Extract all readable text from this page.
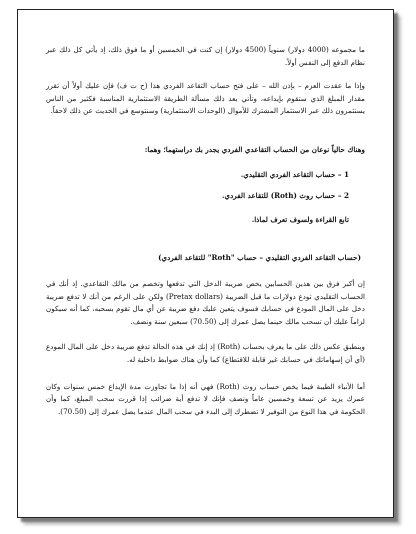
ما مجموعه (4000 دولار) سنوياً (4500 دولار) إن كنت في الخمسين أو ما فوق ذلك، إذ يأتي كل ذلك عبر نظام الدفع إلى النفس أولاً.

وإذا ما عقدت العزم – بإذن الله – على فتح حساب التقاعد الفردي هذا (ح ت ف) فإن عليك أولاً أن تقرر مقدار المبلغ الذي ستقوم بإيداعه، وتأتي بعد ذلك مسألة الطريقة الاستثمارية المناسبة فكثير من الناس يستثمرون ذلك عبر الاستثمار المشترك للأموال (الوحدات الاستثمارية) وسنتوسع في الحديث عن ذلك لاحقاً.

وهناك حالياً نوعان من الحساب التقاعدي الفردي يجدر بك دراستهما؛ وهما:

1 – حساب التقاعد الفردي التقليدي.

2 – حساب روث (Roth) للتقاعد الفردي.

تابع القراءة ولسوف تعرف لماذا.

(حساب التقاعد الفردي التقليدي – حساب "Roth" للتقاعد الفردي)

إن أكبر فرق بين هذين الحسابين يخص ضريبة الدخل التي تدفعها وتخصم من مالك التقاعدي. إذ أنك في الحساب التقليدي تودع دولارات ما قبل الضريبة (Pretax dollars) ولكن على الرغم من أنك لا تدفع ضريبة دخل على المال المودع في حسابك فسوف يتعين عليك دفع ضريبة عن أي مال تقوم بسحبه، كما أنه سيكون لزاماً عليك أن تسحب مالك حينما يصل عمرك إلى (70.50) سبعين سنة ونصف.

وينطبق عكس ذلك على ما يعرف بحساب (Roth) إذ إنك في هذه الحالة تدفع ضريبة دخل على المال المودع (أي أن إسهاماتك في حسابك غير قابلة للاقتطاع) كما وأن هناك ضوابط داخلية له.

أما الأنباء الطيبة فيما يخص حساب روث (Roth) فهي أنه إذا ما تجاوزت مدة الإيداع خمس سنوات وكان عمرك يزيد عن تسعة وخمسين عاماً ونصف فإنك لا تدفع أية ضرائب إذا قررت سحب المبلغ، كما وأن الحكومة في هذا النوع من التوفير لا تضطرك إلى البدء في سحب المال عندما يصل عمرك إلى (70.50).
